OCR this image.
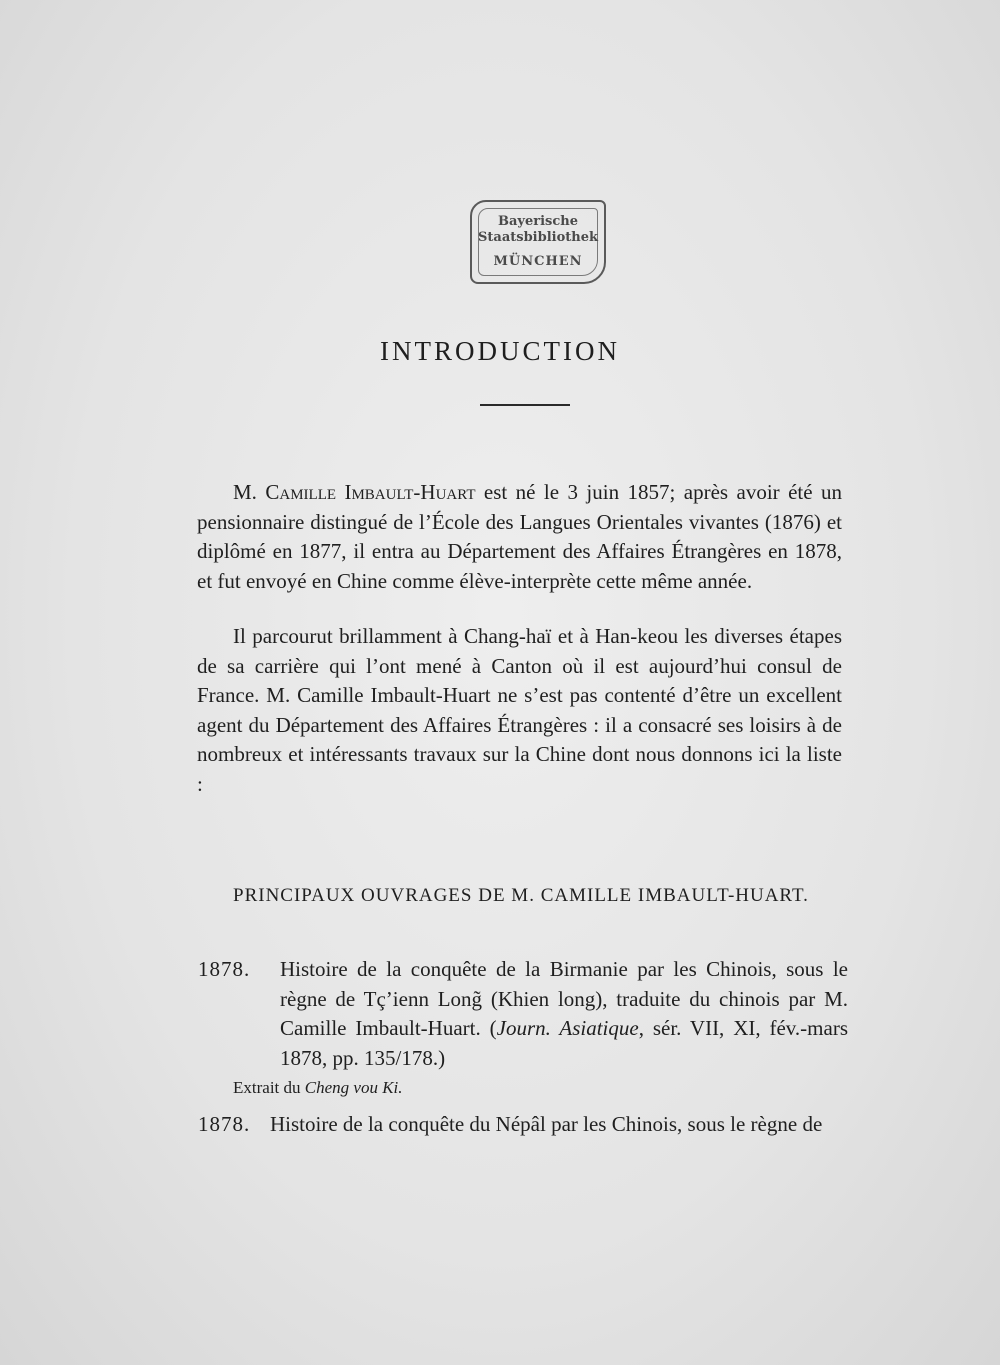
Bayerische
Staatsbibliothek
MÜNCHEN
INTRODUCTION

M. Camille Imbault-Huart est né le 3 juin 1857; après avoir été un pensionnaire distingué de l’École des Langues Orientales vivantes (1876) et diplômé en 1877, il entra au Département des Affaires Étrangères en 1878, et fut envoyé en Chine comme élève-interprète cette même année.

Il parcourut brillamment à Chang-haï et à Han-keou les diverses étapes de sa carrière qui l’ont mené à Canton où il est aujourd’hui consul de France. M. Camille Imbault-Huart ne s’est pas contenté d’être un excellent agent du Département des Affaires Étrangères : il a consacré ses loisirs à de nombreux et intéressants travaux sur la Chine dont nous donnons ici la liste :

PRINCIPAUX OUVRAGES DE M. CAMILLE IMBAULT-HUART.
1878.	Histoire de la conquête de la Birmanie par les Chinois, sous le règne de Tç’ienn Long̃ (Khien long), traduite du chinois par M. Camille Imbault-Huart. (Journ. Asiatique, sér. VII, XI, fév.-mars 1878, pp. 135/178.)
Extrait du Cheng vou Ki.
1878. Histoire de la conquête du Népâl par les Chinois, sous le règne de
